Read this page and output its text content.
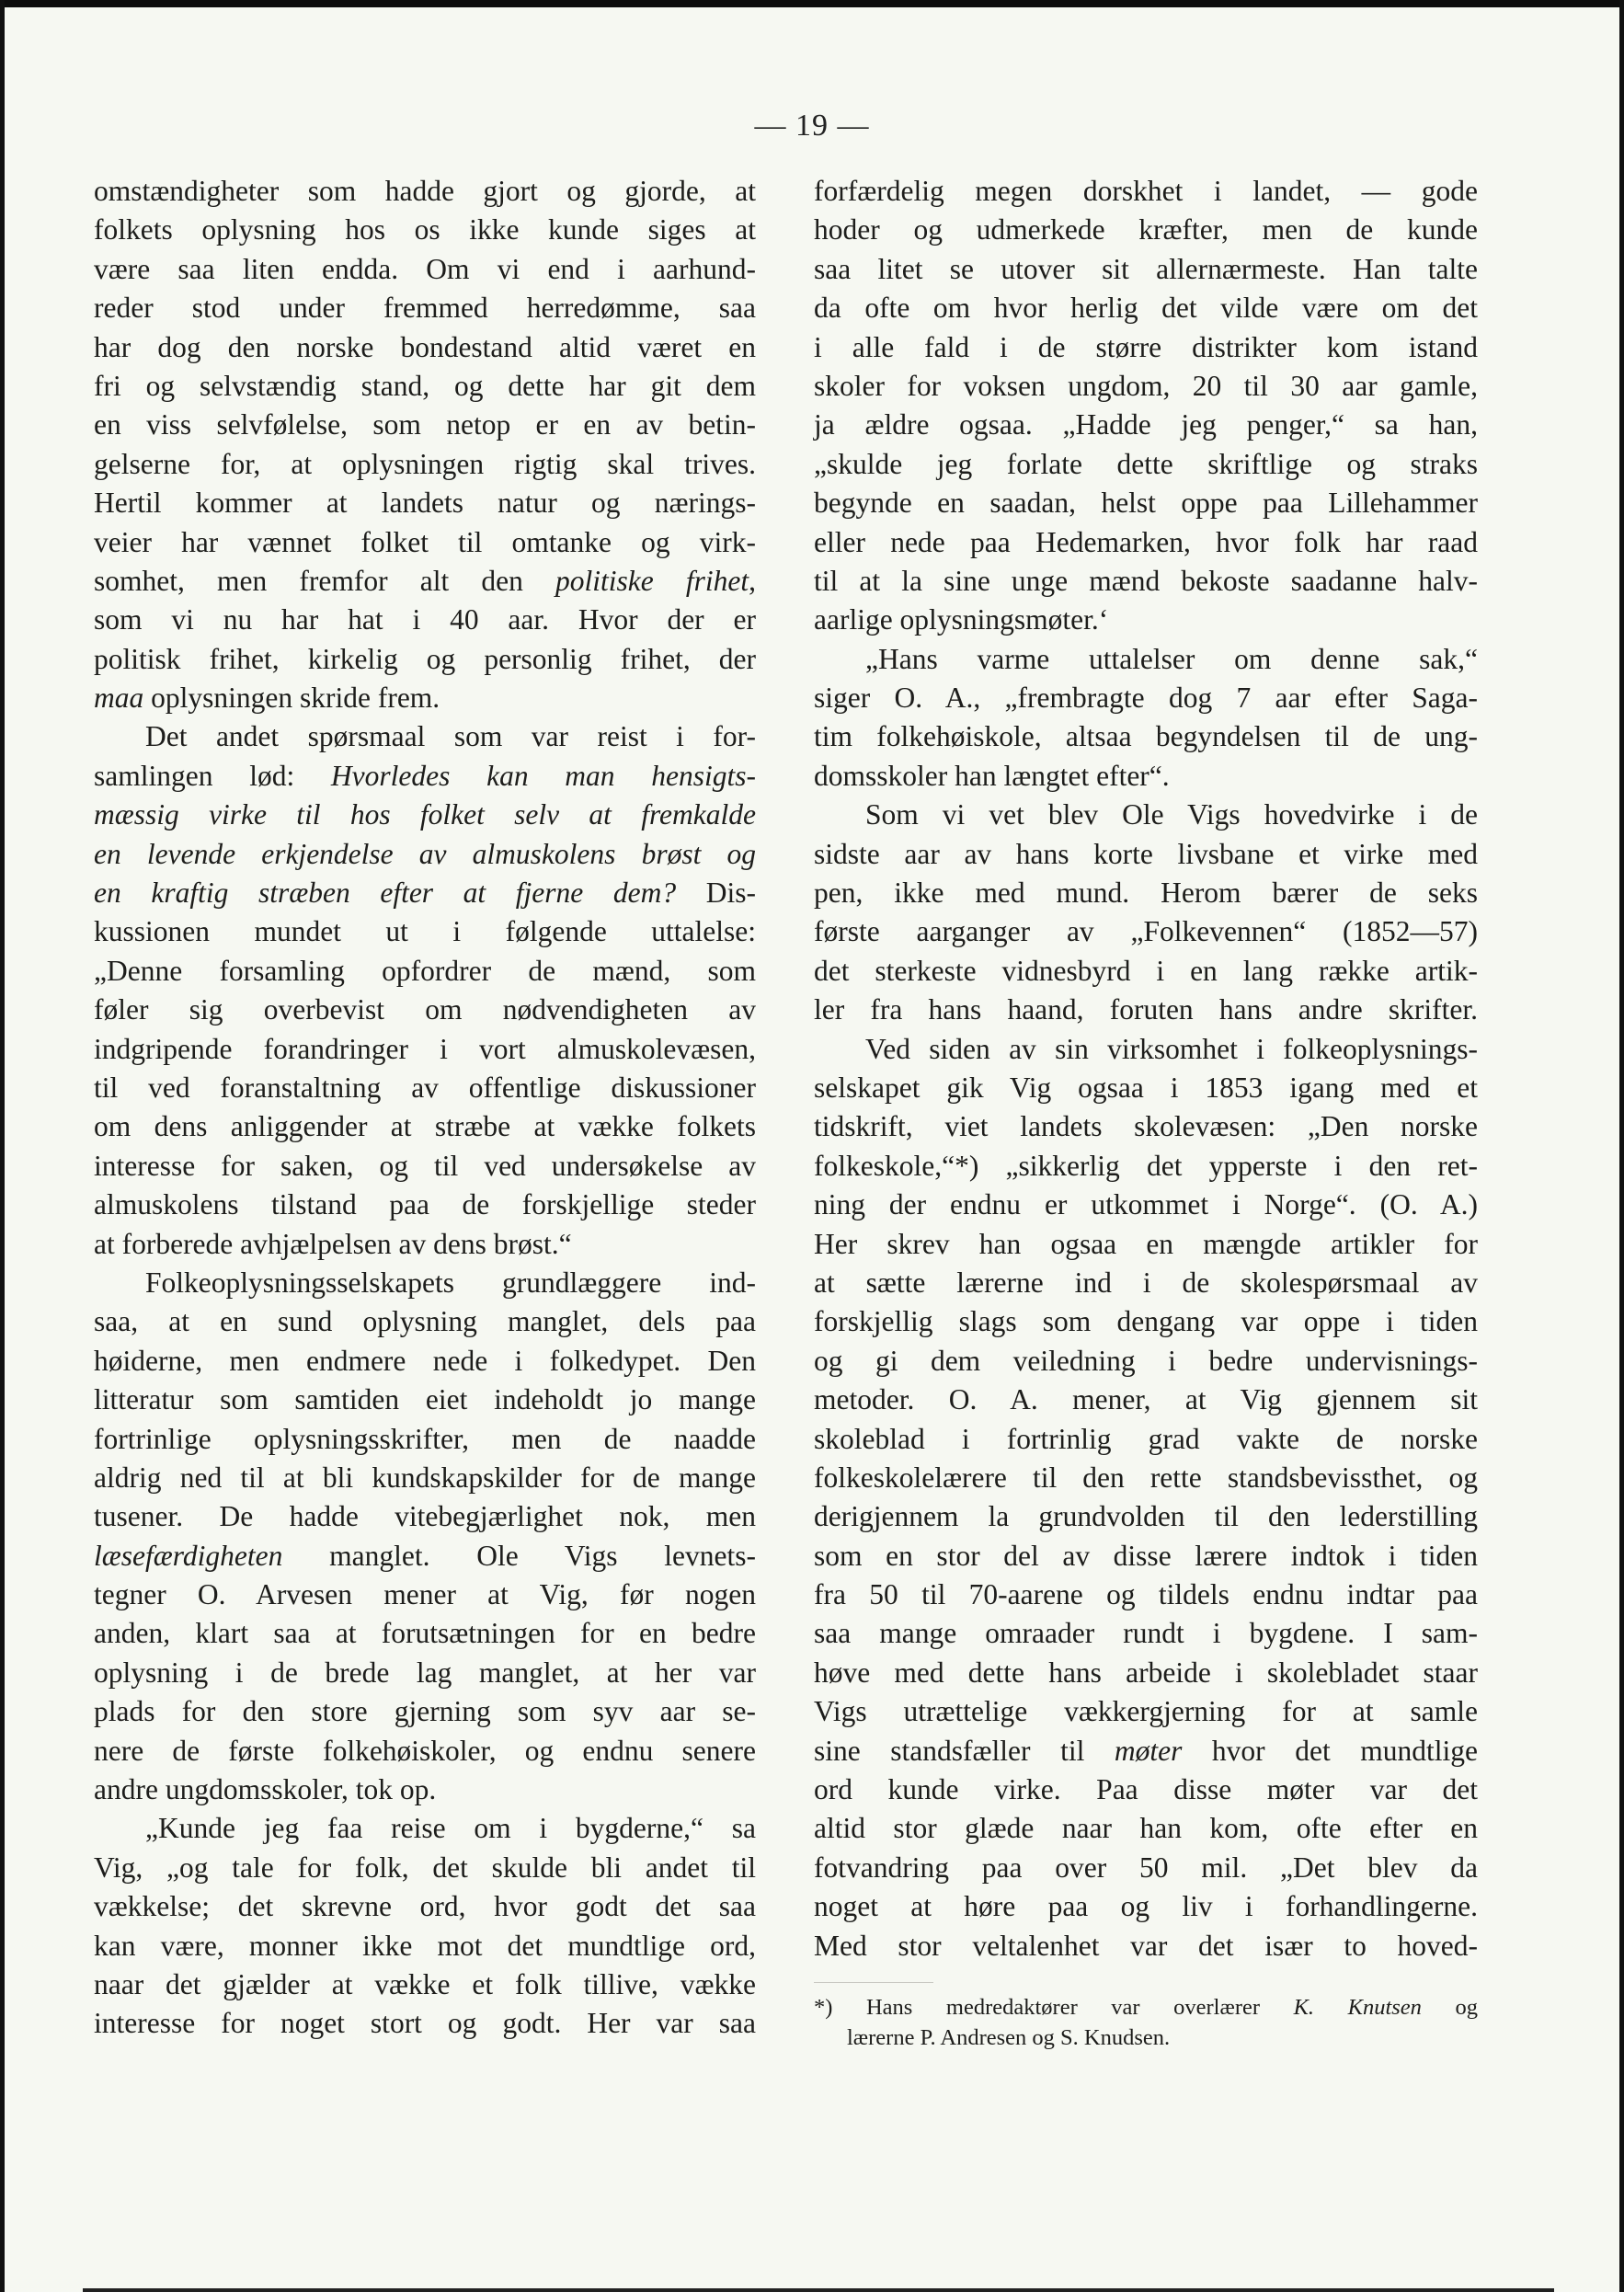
— 19 —
omstændigheter som hadde gjort og gjorde, at
folkets oplysning hos os ikke kunde siges at
være saa liten endda. Om vi end i aarhund-
reder stod under fremmed herredømme, saa
har dog den norske bondestand altid været en
fri og selvstændig stand, og dette har git dem
en viss selvfølelse, som netop er en av betin-
gelserne for, at oplysningen rigtig skal trives.
Hertil kommer at landets natur og nærings-
veier har vænnet folket til omtanke og virk-
somhet, men fremfor alt den politiske frihet,
som vi nu har hat i 40 aar. Hvor der er
politisk frihet, kirkelig og personlig frihet, der
maa oplysningen skride frem.
Det andet spørsmaal som var reist i for-
samlingen lød: Hvorledes kan man hensigts-
mæssig virke til hos folket selv at fremkalde
en levende erkjendelse av almuskolens brøst og
en kraftig stræben efter at fjerne dem? Dis-
kussionen mundet ut i følgende uttalelse:
„Denne forsamling opfordrer de mænd, som
føler sig overbevist om nødvendigheten av
indgripende forandringer i vort almuskolevæsen,
til ved foranstaltning av offentlige diskussioner
om dens anliggender at stræbe at vække folkets
interesse for saken, og til ved undersøkelse av
almuskolens tilstand paa de forskjellige steder
at forberede avhjælpelsen av dens brøst.“
Folkeoplysningsselskapets grundlæggere ind-
saa, at en sund oplysning manglet, dels paa
høiderne, men endmere nede i folkedypet. Den
litteratur som samtiden eiet indeholdt jo mange
fortrinlige oplysningsskrifter, men de naadde
aldrig ned til at bli kundskapskilder for de mange
tusener. De hadde vitebegjærlighet nok, men
læsefærdigheten manglet. Ole Vigs levnets-
tegner O. Arvesen mener at Vig, før nogen
anden, klart saa at forutsætningen for en bedre
oplysning i de brede lag manglet, at her var
plads for den store gjerning som syv aar se-
nere de første folkehøiskoler, og endnu senere
andre ungdomsskoler, tok op.
„Kunde jeg faa reise om i bygderne,“ sa
Vig, „og tale for folk, det skulde bli andet til
vækkelse; det skrevne ord, hvor godt det saa
kan være, monner ikke mot det mundtlige ord,
naar det gjælder at vække et folk tillive, vække
interesse for noget stort og godt. Her var saa
forfærdelig megen dorskhet i landet, — gode
hoder og udmerkede kræfter, men de kunde
saa litet se utover sit allernærmeste. Han talte
da ofte om hvor herlig det vilde være om det
i alle fald i de større distrikter kom istand
skoler for voksen ungdom, 20 til 30 aar gamle,
ja ældre ogsaa. „Hadde jeg penger,“ sa han,
„skulde jeg forlate dette skriftlige og straks
begynde en saadan, helst oppe paa Lillehammer
eller nede paa Hedemarken, hvor folk har raad
til at la sine unge mænd bekoste saadanne halv-
aarlige oplysningsmøter.‘
„Hans varme uttalelser om denne sak,“
siger O. A., „frembragte dog 7 aar efter Saga-
tim folkehøiskole, altsaa begyndelsen til de ung-
domsskoler han længtet efter“.
Som vi vet blev Ole Vigs hovedvirke i de
sidste aar av hans korte livsbane et virke med
pen, ikke med mund. Herom bærer de seks
første aarganger av „Folkevennen“ (1852—57)
det sterkeste vidnesbyrd i en lang række artik-
ler fra hans haand, foruten hans andre skrifter.
Ved siden av sin virksomhet i folkeoplysnings-
selskapet gik Vig ogsaa i 1853 igang med et
tidskrift, viet landets skolevæsen: „Den norske
folkeskole,“*) „sikkerlig det ypperste i den ret-
ning der endnu er utkommet i Norge“. (O. A.)
Her skrev han ogsaa en mængde artikler for
at sætte lærerne ind i de skolespørsmaal av
forskjellig slags som dengang var oppe i tiden
og gi dem veiledning i bedre undervisnings-
metoder. O. A. mener, at Vig gjennem sit
skoleblad i fortrinlig grad vakte de norske
folkeskolelærere til den rette standsbevissthet, og
derigjennem la grundvolden til den lederstilling
som en stor del av disse lærere indtok i tiden
fra 50 til 70-aarene og tildels endnu indtar paa
saa mange omraader rundt i bygdene. I sam-
høve med dette hans arbeide i skolebladet staar
Vigs utrættelige vækkergjerning for at samle
sine standsfæller til møter hvor det mundtlige
ord kunde virke. Paa disse møter var det
altid stor glæde naar han kom, ofte efter en
fotvandring paa over 50 mil. „Det blev da
noget at høre paa og liv i forhandlingerne.
Med stor veltalenhet var det især to hoved-
*) Hans medredaktører var overlærer K. Knutsen og
lærerne P. Andresen og S. Knudsen.
